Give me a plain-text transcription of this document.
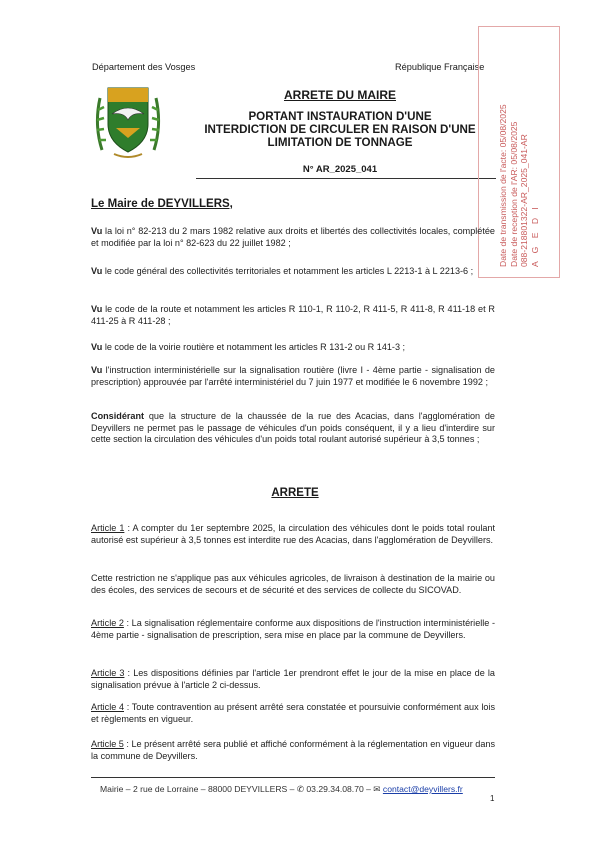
Département des Vosges	République Française
ARRETE DU MAIRE
PORTANT INSTAURATION D'UNE
INTERDICTION DE CIRCULER EN RAISON D'UNE
LIMITATION DE TONNAGE
N° AR_2025_041	Date de transmission de l'acte: 05/08/2025 Date de reception de l'AR: 05/08/2025 088-218801322-AR_2025_041-AR A G E D I
Le Maire de DEYVILLERS,
Vu la loi n° 82-213 du 2 mars 1982 relative aux droits et libertés des collectivités locales, complétée et modifiée par la loi n° 82-623 du 22 juillet 1982 ;
Vu le code général des collectivités territoriales et notamment les articles L 2213-1 à L 2213-6 ;
Vu le code de la route et notamment les articles R 110-1, R 110-2, R 411-5, R 411-8, R 411-18 et R 411-25 à R 411-28 ;
Vu le code de la voirie routière et notamment les articles R 131-2 ou R 141-3 ;
Vu l'instruction interministérielle sur la signalisation routière (livre I - 4ème partie - signalisation de prescription) approuvée par l'arrêté interministériel du 7 juin 1977 et modifiée le 6 novembre 1992 ;
Considérant que la structure de la chaussée de la rue des Acacias, dans l'agglomération de Deyvillers ne permet pas le passage de véhicules d'un poids conséquent, il y a lieu d'interdire sur cette section la circulation des véhicules d'un poids total roulant autorisé supérieur à 3,5 tonnes ;
ARRETE
Article 1 : A compter du 1er septembre 2025, la circulation des véhicules dont le poids total roulant autorisé est supérieur à 3,5 tonnes est interdite rue des Acacias, dans l'agglomération de Deyvillers.
Cette restriction ne s'applique pas aux véhicules agricoles, de livraison à destination de la mairie ou des écoles, des services de secours et de sécurité et des services de collecte du SICOVAD.
Article 2 : La signalisation réglementaire conforme aux dispositions de l'instruction interministérielle - 4ème partie - signalisation de prescription, sera mise en place par la commune de Deyvillers.
Article 3 : Les dispositions définies par l'article 1er prendront effet le jour de la mise en place de la signalisation prévue à l'article 2 ci-dessus.
Article 4 : Toute contravention au présent arrêté sera constatée et poursuivie conformément aux lois et règlements en vigueur.
Article 5 : Le présent arrêté sera publié et affiché conformément à la réglementation en vigueur dans la commune de Deyvillers.
Mairie – 2 rue de Lorraine – 88000 DEYVILLERS – ✆ 03.29.34.08.70 – ✉ contact@deyvillers.fr
1
